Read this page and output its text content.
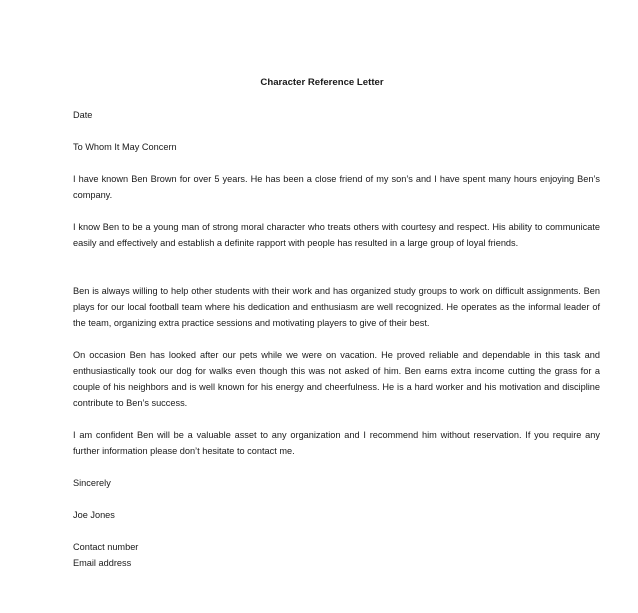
Character Reference Letter

Date

To Whom It May Concern

I have known Ben Brown for over 5 years. He has been a close friend of my son’s and I have spent many hours enjoying Ben’s company.

I know Ben to be a young man of strong moral character who treats others with courtesy and respect. His ability to communicate easily and effectively and establish a definite rapport with people has resulted in a large group of loyal friends.

Ben is always willing to help other students with their work and has organized study groups to work on difficult assignments. Ben plays for our local football team where his dedication and enthusiasm are well recognized. He operates as the informal leader of the team, organizing extra practice sessions and motivating players to give of their best.

On occasion Ben has looked after our pets while we were on vacation. He proved reliable and dependable in this task and enthusiastically took our dog for walks even though this was not asked of him. Ben earns extra income cutting the grass for a couple of his neighbors and is well known for his energy and cheerfulness. He is a hard worker and his motivation and discipline contribute to Ben’s success.

I am confident Ben will be a valuable asset to any organization and I recommend him without reservation. If you require any further information please don’t hesitate to contact me.

Sincerely

Joe Jones

Contact number

Email address
